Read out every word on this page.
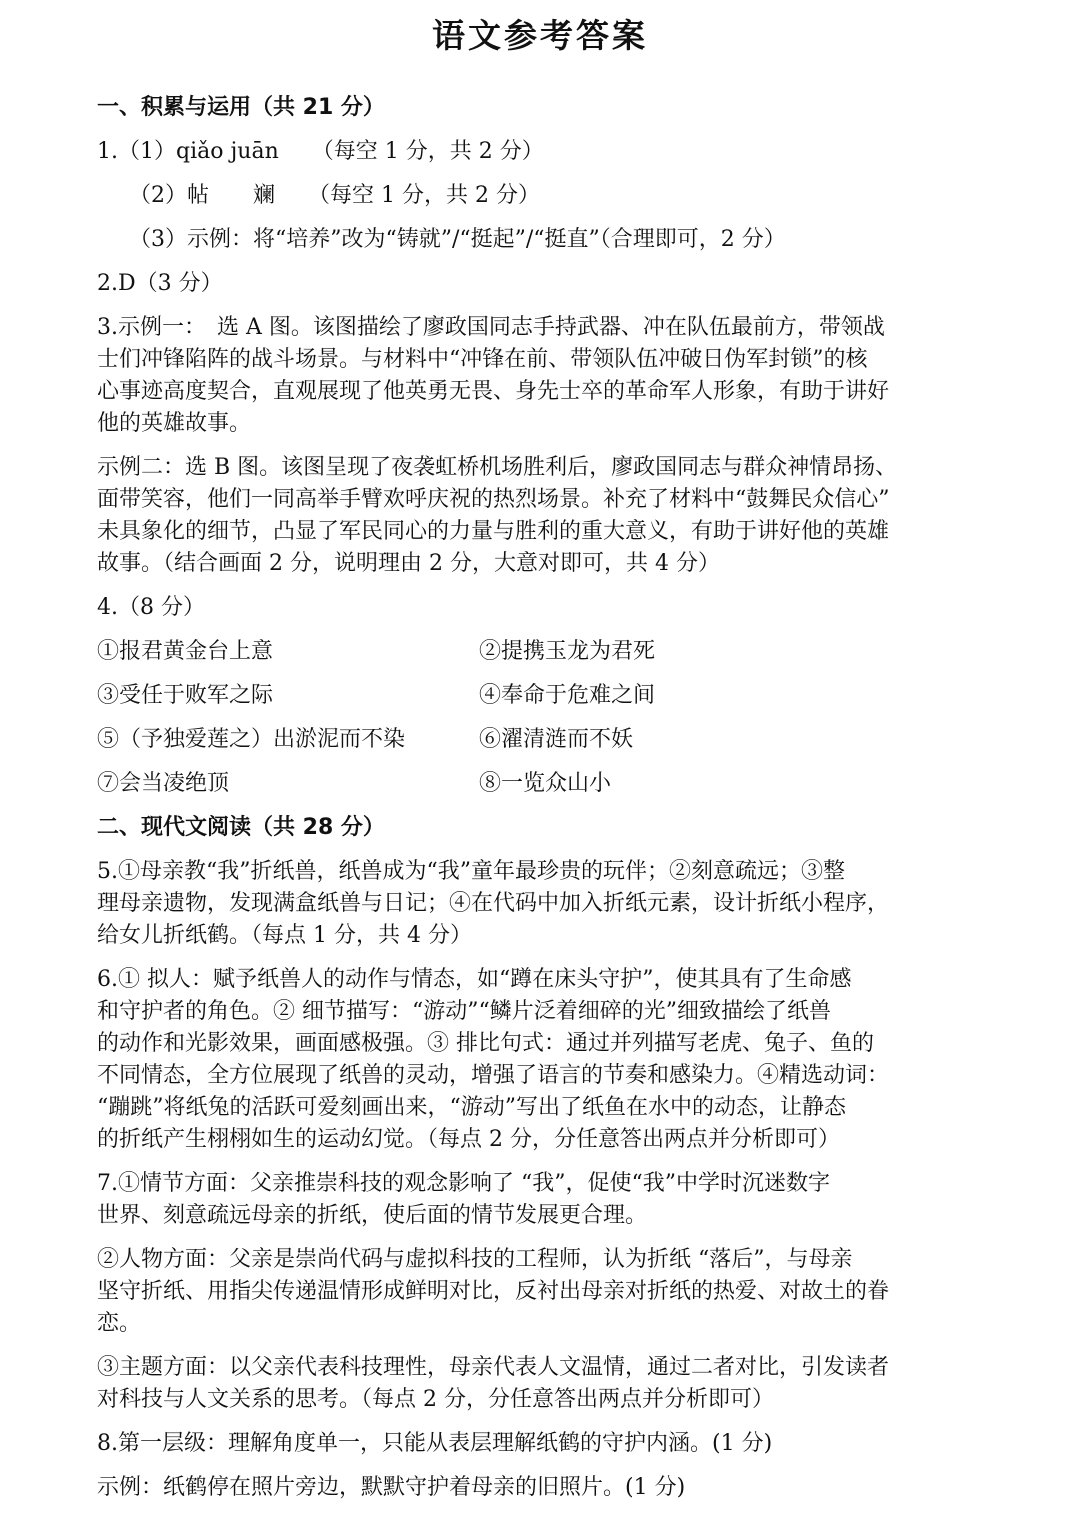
语文参考答案
一、积累与运用（共 21 分）
1.（1）qiǎo juān　　（每空 1 分，共 2 分）
（2）帖　　斓　　（每空 1 分，共 2 分）
（3）示例：将“培养”改为“铸就”/“挺起”/“挺直”（合理即可，2 分）
2.D（3 分）
3.示例一：　选 A 图。该图描绘了廖政国同志手持武器、冲在队伍最前方，带领战
士们冲锋陷阵的战斗场景。与材料中“冲锋在前、带领队伍冲破日伪军封锁”的核
心事迹高度契合，直观展现了他英勇无畏、身先士卒的革命军人形象，有助于讲好
他的英雄故事。
示例二：选 B 图。该图呈现了夜袭虹桥机场胜利后，廖政国同志与群众神情昂扬、
面带笑容，他们一同高举手臂欢呼庆祝的热烈场景。补充了材料中“鼓舞民众信心”
未具象化的细节，凸显了军民同心的力量与胜利的重大意义，有助于讲好他的英雄
故事。（结合画面 2 分，说明理由 2 分，大意对即可，共 4 分）
4.（8 分）
①报君黄金台上意	②提携玉龙为君死
③受任于败军之际	④奉命于危难之间
⑤（予独爱莲之）出淤泥而不染	⑥濯清涟而不妖
⑦会当凌绝顶	⑧一览众山小
二、现代文阅读（共 28 分）
5.①母亲教“我”折纸兽，纸兽成为“我”童年最珍贵的玩伴；②刻意疏远；③整
理母亲遗物，发现满盒纸兽与日记；④在代码中加入折纸元素，设计折纸小程序，
给女儿折纸鹤。（每点 1 分，共 4 分）
6.① 拟人：赋予纸兽人的动作与情态，如“蹲在床头守护”，使其具有了生命感
和守护者的角色。② 细节描写：“游动”“鳞片泛着细碎的光”细致描绘了纸兽
的动作和光影效果，画面感极强。③ 排比句式：通过并列描写老虎、兔子、鱼的
不同情态，全方位展现了纸兽的灵动，增强了语言的节奏和感染力。④精选动词：
“蹦跳”将纸兔的活跃可爱刻画出来，“游动”写出了纸鱼在水中的动态，让静态
的折纸产生栩栩如生的运动幻觉。（每点 2 分，分任意答出两点并分析即可）
7.①情节方面：父亲推崇科技的观念影响了 “我”，促使“我”中学时沉迷数字
世界、刻意疏远母亲的折纸，使后面的情节发展更合理。
②人物方面：父亲是崇尚代码与虚拟科技的工程师，认为折纸 “落后”，与母亲
坚守折纸、用指尖传递温情形成鲜明对比，反衬出母亲对折纸的热爱、对故土的眷
恋。
③主题方面：以父亲代表科技理性，母亲代表人文温情，通过二者对比，引发读者
对科技与人文关系的思考。（每点 2 分，分任意答出两点并分析即可）
8.第一层级：理解角度单一，只能从表层理解纸鹤的守护内涵。(1 分)
示例：纸鹤停在照片旁边，默默守护着母亲的旧照片。(1 分)
